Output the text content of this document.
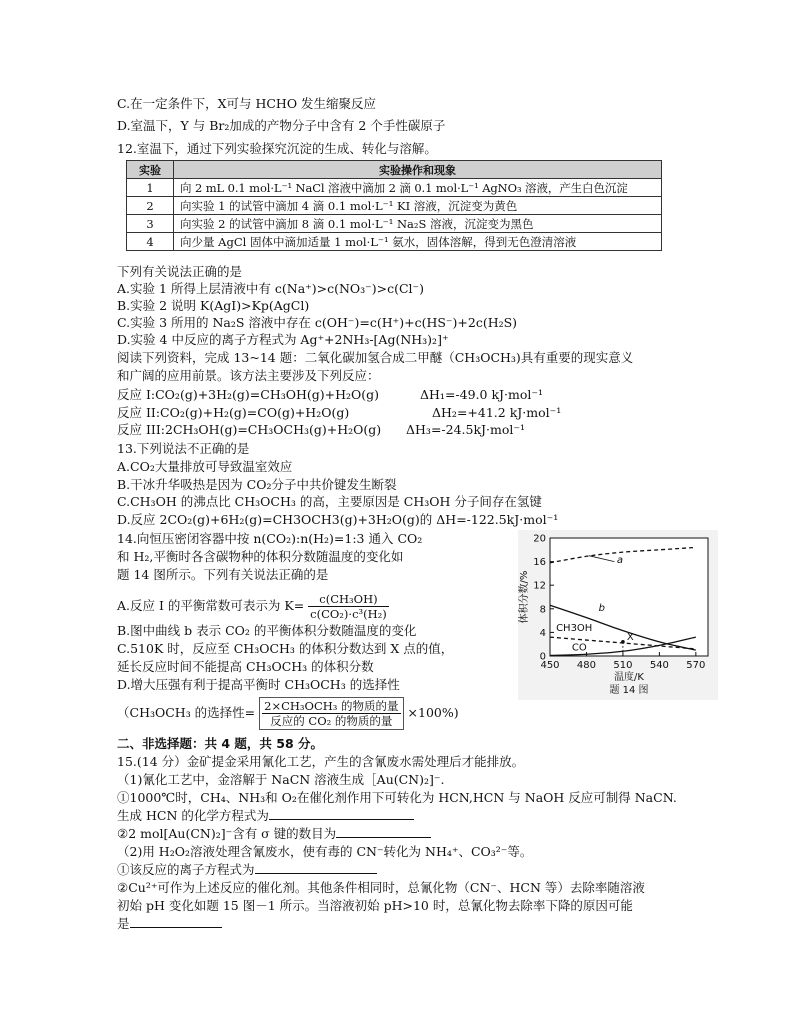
C.在一定条件下，X可与 HCHO 发生缩聚反应
D.室温下，Y 与 Br₂加成的产物分子中含有 2 个手性碳原子
12.室温下，通过下列实验探究沉淀的生成、转化与溶解。
实验	实验操作和现象
1	向 2 mL 0.1 mol·L⁻¹ NaCl 溶液中滴加 2 滴 0.1 mol·L⁻¹ AgNO₃ 溶液，产生白色沉淀
2	向实验 1 的试管中滴加 4 滴 0.1 mol·L⁻¹ KI 溶液，沉淀变为黄色
3	向实验 2 的试管中滴加 8 滴 0.1 mol·L⁻¹ Na₂S 溶液，沉淀变为黑色
4	向少量 AgCl 固体中滴加适量 1 mol·L⁻¹ 氨水，固体溶解，得到无色澄清溶液
下列有关说法正确的是
A.实验 1 所得上层清液中有 c(Na⁺)>c(NO₃⁻)>c(Cl⁻)
B.实验 2 说明 K(AgI)>Kp(AgCl)
C.实验 3 所用的 Na₂S 溶液中存在 c(OH⁻)=c(H⁺)+c(HS⁻)+2c(H₂S)
D.实验 4 中反应的离子方程式为 Ag⁺+2NH₃-[Ag(NH₃)₂]⁺
阅读下列资料，完成 13~14 题：二氧化碳加氢合成二甲醚（CH₃OCH₃)具有重要的现实意义
和广阔的应用前景。该方法主要涉及下列反应：
反应 I:CO₂(g)+3H₂(g)=CH₃OH(g)+H₂O(g)	ΔH₁=-49.0 kJ·mol⁻¹
反应 II:CO₂(g)+H₂(g)=CO(g)+H₂O(g)	ΔH₂=+41.2 kJ·mol⁻¹
反应 III:2CH₃OH(g)=CH₃OCH₃(g)+H₂O(g) ΔH₃=-24.5kJ·mol⁻¹
13.下列说法不正确的是
A.CO₂大量排放可导致温室效应
B.干冰升华吸热是因为 CO₂分子中共价键发生断裂
C.CH₃OH 的沸点比 CH₃OCH₃ 的高，主要原因是 CH₃OH 分子间存在氢键
D.反应 2CO₂(g)+6H₂(g)=CH3OCH3(g)+3H₂O(g)的 ΔH=-122.5kJ·mol⁻¹
14.向恒压密闭容器中按 n(CO₂):n(H₂)=1:3 通入 CO₂
和 H₂,平衡时各含碳物种的体积分数随温度的变化如
题 14 图所示。下列有关说法正确的是
A.反应 I 的平衡常数可表示为 $K= \frac{\text{c(CH₃OH)}}{\text{c(CO₂)·c³(H₂)}}$
B.图中曲线 b 表示 CO₂ 的平衡体积分数随温度的变化
C.510K 时，反应至 CH₃OCH₃ 的体积分数达到 X 点的值，
延长反应时间不能提高 CH₃OCH₃ 的体积分数
D.增大压强有利于提高平衡时 CH₃OCH₃ 的选择性
（CH₃OCH₃ 的选择性= $\frac{\text{2×CH₃OCH₃ 的物质的量}}{\text{反应的 CO₂ 的物质的量}} \times 100\%$)
二、非选择题：共 4 题，共 58 分。
15.(14 分）金矿提金采用氰化工艺，产生的含氰废水需处理后才能排放。
（1)氰化工艺中，金溶解于 NaCN 溶液生成［Au(CN)₂]⁻.
①1000℃时，CH₄、NH₃和 O₂在催化剂作用下可转化为 HCN,HCN 与 NaOH 反应可制得 NaCN.
生成 HCN 的化学方程式为
②2 mol[Au(CN)₂]⁻含有 σ 键的数目为
（2)用 H₂O₂溶液处理含氰废水，使有毒的 CN⁻转化为 NH₄⁺、CO₃²⁻等。
①该反应的离子方程式为
②Cu²⁺可作为上述反应的催化剂。其他条件相同时，总氰化物（CN⁻、HCN 等）去除率随溶液
初始 pH 变化如题 15 图－1 所示。当溶液初始 pH>10 时，总氰化物去除率下降的原因可能
是
0
4
8
12
16
20
450 480 510 540 570
a
b
CH3OH
CO
X
体积分数/%
温度/K
题 14 图
